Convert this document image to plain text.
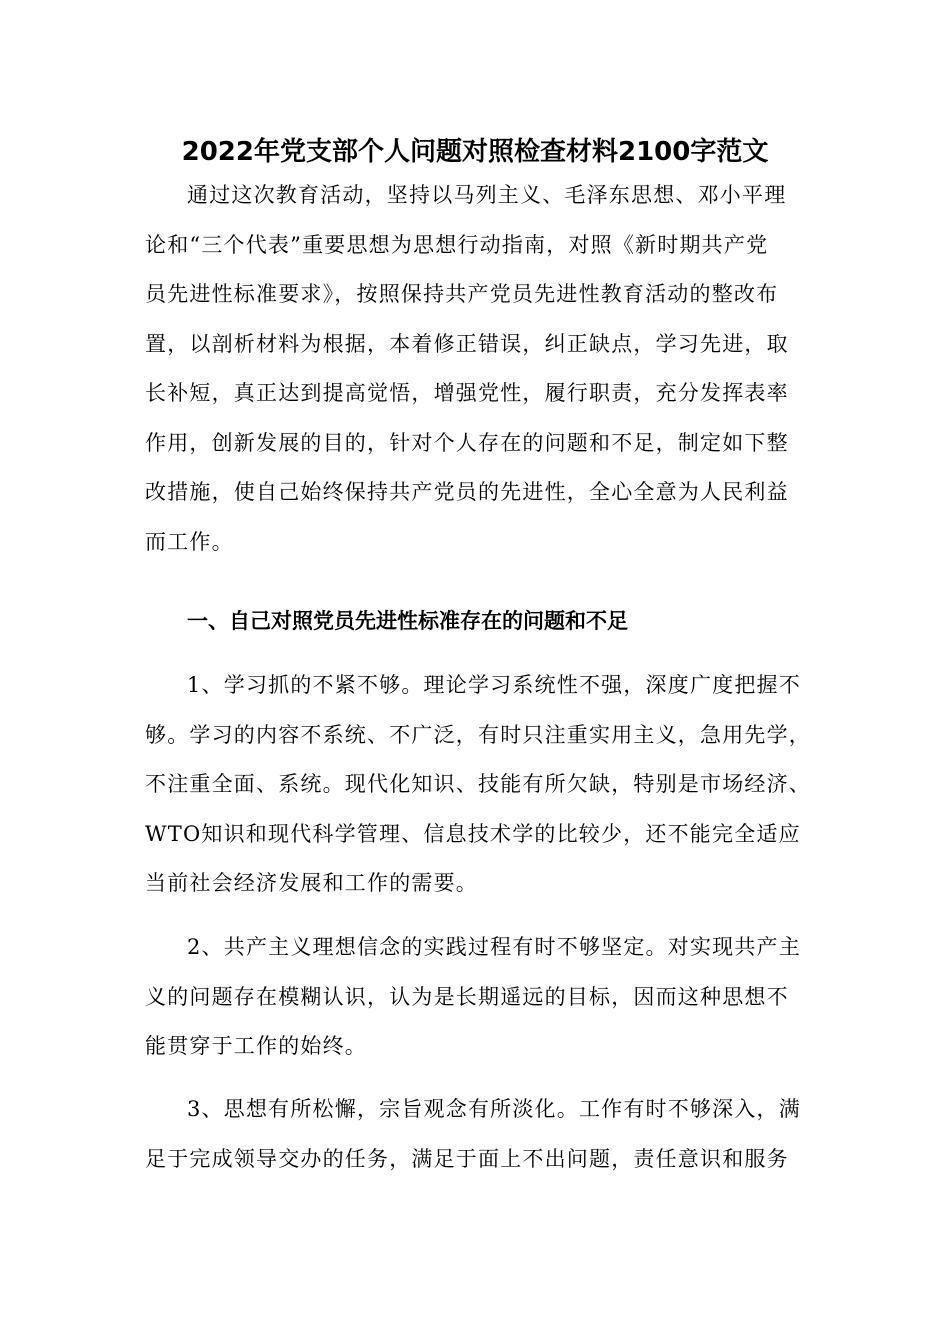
2022年党支部个人问题对照检查材料2100字范文
通过这次教育活动，坚持以马列主义、毛泽东思想、邓小平理
论和“三个代表”重要思想为思想行动指南，对照《新时期共产党
员先进性标准要求》，按照保持共产党员先进性教育活动的整改布
置，以剖析材料为根据，本着修正错误，纠正缺点，学习先进，取
长补短，真正达到提高觉悟，增强党性，履行职责，充分发挥表率
作用，创新发展的目的，针对个人存在的问题和不足，制定如下整
改措施，使自己始终保持共产党员的先进性，全心全意为人民利益
而工作。
一、自己对照党员先进性标准存在的问题和不足
1、学习抓的不紧不够。理论学习系统性不强，深度广度把握不
够。学习的内容不系统、不广泛，有时只注重实用主义，急用先学，
不注重全面、系统。现代化知识、技能有所欠缺，特别是市场经济、
WTO知识和现代科学管理、信息技术学的比较少，还不能完全适应
当前社会经济发展和工作的需要。
2、共产主义理想信念的实践过程有时不够坚定。对实现共产主
义的问题存在模糊认识，认为是长期遥远的目标，因而这种思想不
能贯穿于工作的始终。
3、思想有所松懈，宗旨观念有所淡化。工作有时不够深入，满
足于完成领导交办的任务，满足于面上不出问题，责任意识和服务
